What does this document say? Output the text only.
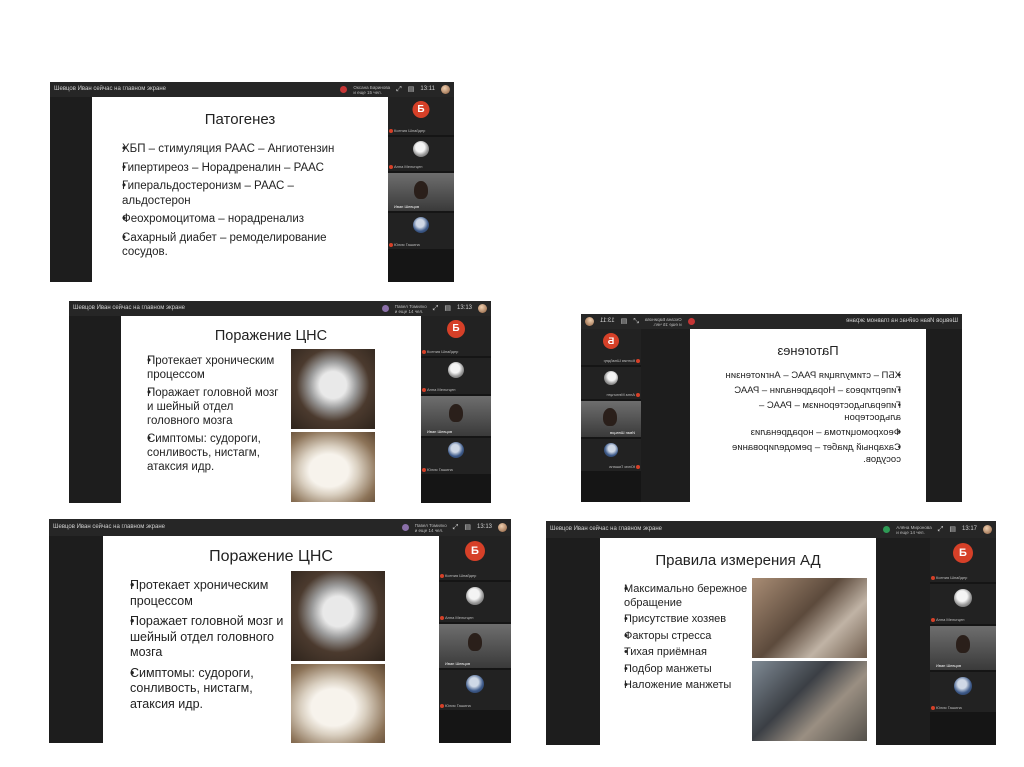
Шевцов Иван сейчас на главном экране	Оксана Баринова
и еще 15 чел.	⤢ ▤ 13:11
Патогенез
• ХБП – стимуляция РААС – Ангиотензин
• Гипертиреоз – Норадреналин – РААС
• Гиперальдостеронизм – РААС – альдостерон
• Феохромоцитома – норадренализ
• Сахарный диабет – ремоделирование сосудов.
Б
Ксения Шнайдер
Анна Мельтцен
Иван Шевцов
Юлия Гашина
Шевцов Иван сейчас на главном экране	Павел Томилко
и еще 14 чел.	⤢ ▤ 13:13
Поражение ЦНС
• Протекает хроническим процессом
• Поражает головной мозг и шейный отдел головного мозга
• Симптомы: судороги, сонливость, нистагм, атаксия идр.
Б
Ксения Шнайдер
Анна Мельтцен
Иван Шевцов
Юлия Гашина
Шевцов Иван сейчас на главном экране
Оксана Баринова
и еще 15 чел.
⤢
▤
13:11
Патогенез
• ХБП – стимуляция РААС – Ангиотензин
• Гипертиреоз – Норадреналин – РААС
• Гиперальдостеронизм – РААС – альдостерон
• Феохромоцитома – норадренализ
• Сахарный диабет – ремоделирование сосудов.
Б
Ксения Шнайдер
Анна Мельтцен
Иван Шевцов
Юлия Гашина
Шевцов Иван сейчас на главном экране	Павел Томилко
и еще 14 чел.	⤢ ▤ 13:13
Поражение ЦНС
• Протекает хроническим процессом
• Поражает головной мозг и шейный отдел головного мозга
• Симптомы: судороги, сонливость, нистагм, атаксия идр.
Б
Ксения Шнайдер
Анна Мельтцен
Иван Шевцов
Юлия Гашина
Шевцов Иван сейчас на главном экране	Алёна Миронова
и еще 14 чел.	⤢ ▤ 13:17
Правила измерения АД
• Максимально бережное обращение
• Присутствие хозяев
• Факторы стресса
• Тихая приёмная
• Подбор манжеты
• Наложение манжеты
Б
Ксения Шнайдер
Анна Мельтцен
Иван Шевцов
Юлия Гашина
